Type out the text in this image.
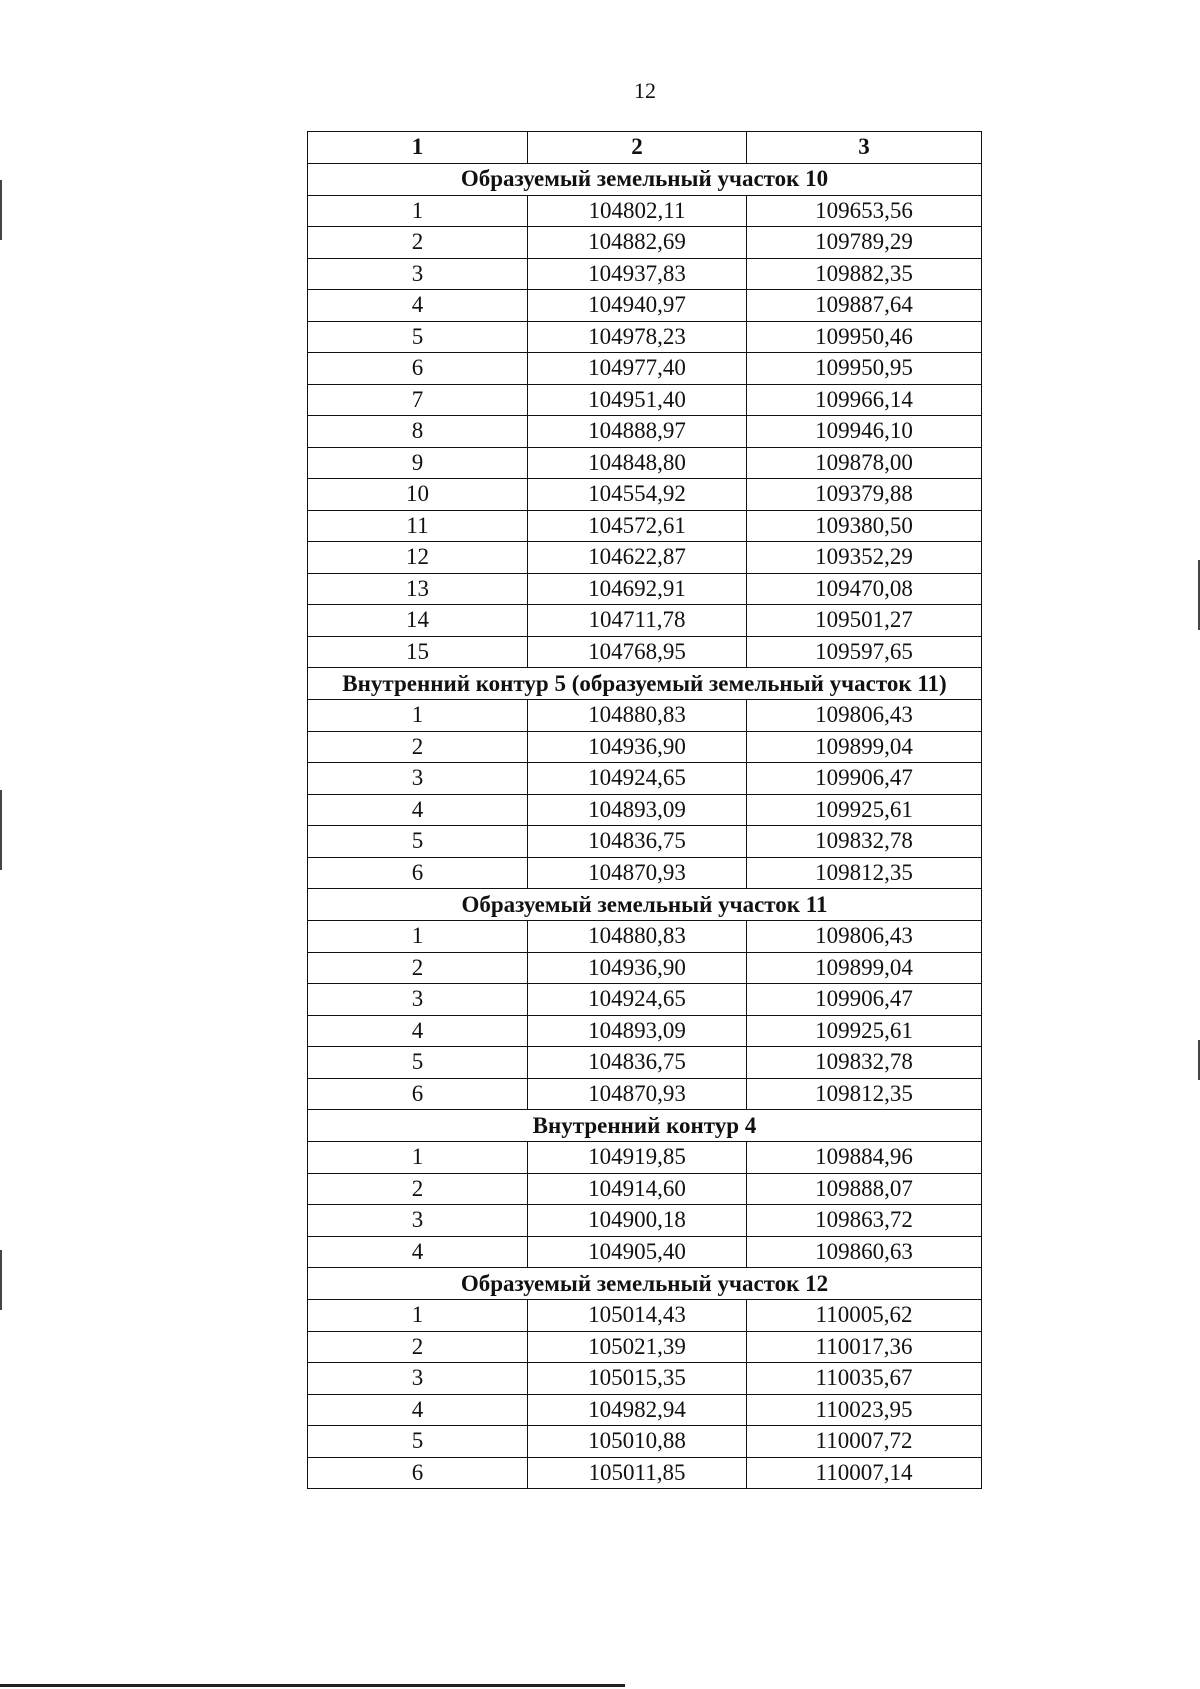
12
1	2	3
Образуемый земельный участок 10		
1	104802,11	109653,56
2	104882,69	109789,29
3	104937,83	109882,35
4	104940,97	109887,64
5	104978,23	109950,46
6	104977,40	109950,95
7	104951,40	109966,14
8	104888,97	109946,10
9	104848,80	109878,00
10	104554,92	109379,88
11	104572,61	109380,50
12	104622,87	109352,29
13	104692,91	109470,08
14	104711,78	109501,27
15	104768,95	109597,65
Внутренний контур 5 (образуемый земельный участок 11)		
1	104880,83	109806,43
2	104936,90	109899,04
3	104924,65	109906,47
4	104893,09	109925,61
5	104836,75	109832,78
6	104870,93	109812,35
Образуемый земельный участок 11		
1	104880,83	109806,43
2	104936,90	109899,04
3	104924,65	109906,47
4	104893,09	109925,61
5	104836,75	109832,78
6	104870,93	109812,35
Внутренний контур 4		
1	104919,85	109884,96
2	104914,60	109888,07
3	104900,18	109863,72
4	104905,40	109860,63
Образуемый земельный участок 12		
1	105014,43	110005,62
2	105021,39	110017,36
3	105015,35	110035,67
4	104982,94	110023,95
5	105010,88	110007,72
6	105011,85	110007,14
